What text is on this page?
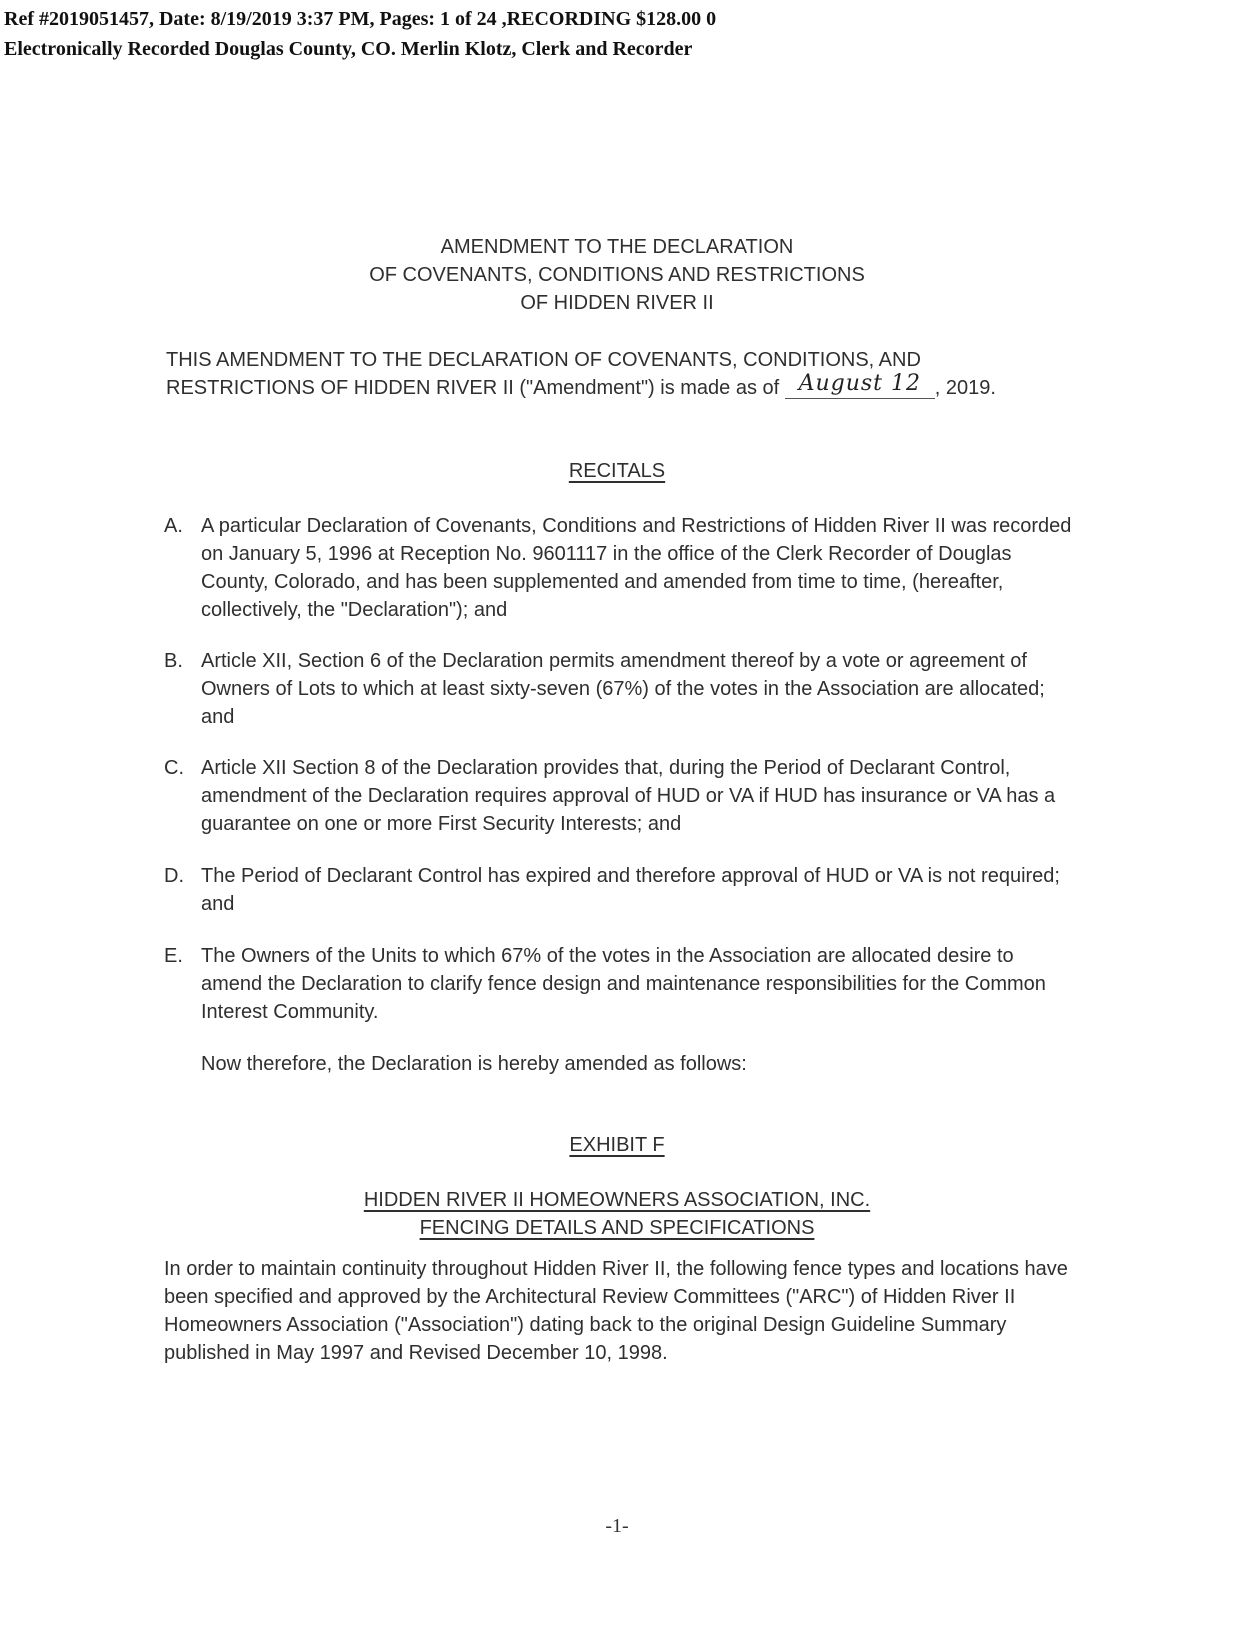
Ref #2019051457, Date: 8/19/2019 3:37 PM, Pages: 1 of 24 ,RECORDING $128.00 0
Electronically Recorded Douglas County, CO. Merlin Klotz, Clerk and Recorder
AMENDMENT TO THE DECLARATION
OF COVENANTS, CONDITIONS AND RESTRICTIONS
OF HIDDEN RIVER II
THIS AMENDMENT TO THE DECLARATION OF COVENANTS, CONDITIONS, AND RESTRICTIONS OF HIDDEN RIVER II ("Amendment") is made as of August 12 , 2019.
RECITALS
A. A particular Declaration of Covenants, Conditions and Restrictions of Hidden River II was recorded on January 5, 1996 at Reception No. 9601117 in the office of the Clerk Recorder of Douglas County, Colorado, and has been supplemented and amended from time to time, (hereafter, collectively, the "Declaration"); and
B. Article XII, Section 6 of the Declaration permits amendment thereof by a vote or agreement of Owners of Lots to which at least sixty-seven (67%) of the votes in the Association are allocated; and
C. Article XII Section 8 of the Declaration provides that, during the Period of Declarant Control, amendment of the Declaration requires approval of HUD or VA if HUD has insurance or VA has a guarantee on one or more First Security Interests; and
D. The Period of Declarant Control has expired and therefore approval of HUD or VA is not required; and
E. The Owners of the Units to which 67% of the votes in the Association are allocated desire to amend the Declaration to clarify fence design and maintenance responsibilities for the Common Interest Community.
Now therefore, the Declaration is hereby amended as follows:
EXHIBIT F
HIDDEN RIVER II HOMEOWNERS ASSOCIATION, INC.
FENCING DETAILS AND SPECIFICATIONS
In order to maintain continuity throughout Hidden River II, the following fence types and locations have been specified and approved by the Architectural Review Committees ("ARC") of Hidden River II Homeowners Association ("Association") dating back to the original Design Guideline Summary published in May 1997 and Revised December 10, 1998.
-1-
